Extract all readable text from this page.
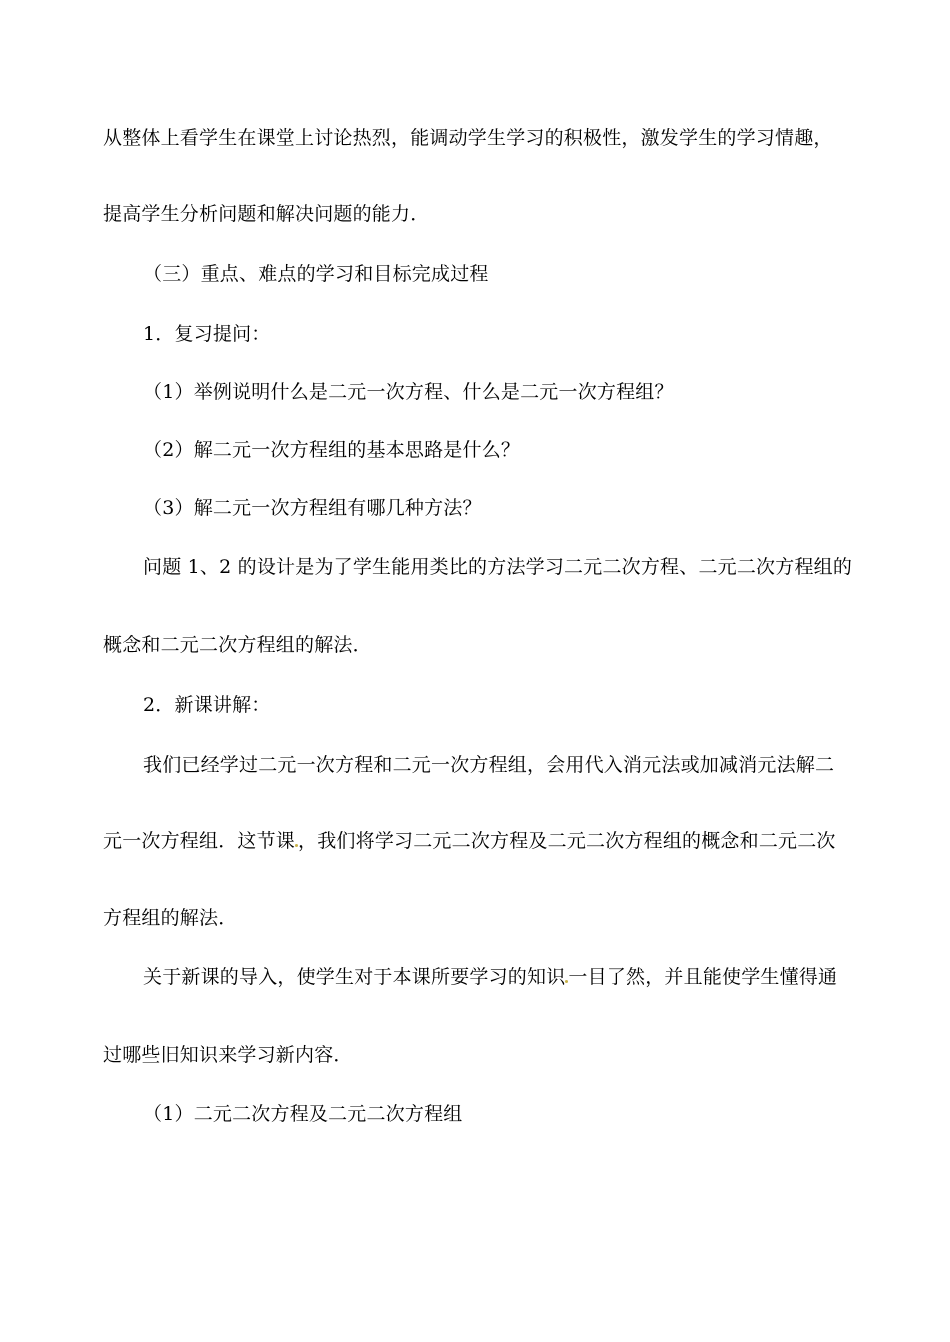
从整体上看学生在课堂上讨论热烈，能调动学生学习的积极性，激发学生的学习情趣，
提高学生分析问题和解决问题的能力．
（三）重点、难点的学习和目标完成过程
1．复习提问：
（1）举例说明什么是二元一次方程、什么是二元一次方程组？
（2）解二元一次方程组的基本思路是什么？
（3）解二元一次方程组有哪几种方法？
问题 1、2 的设计是为了学生能用类比的方法学习二元二次方程、二元二次方程组的
概念和二元二次方程组的解法．
2．新课讲解：
我们已经学过二元一次方程和二元一次方程组，会用代入消元法或加减消元法解二
元一次方程组．这节课 ，我们将学习二元二次方程及二元二次方程组的概念和二元二次
方程组的解法．
关于新课的导入，使学生对于本课所要学习的知识 一目了然，并且能使学生懂得通
过哪些旧知识来学习新内容．
（1）二元二次方程及二元二次方程组
